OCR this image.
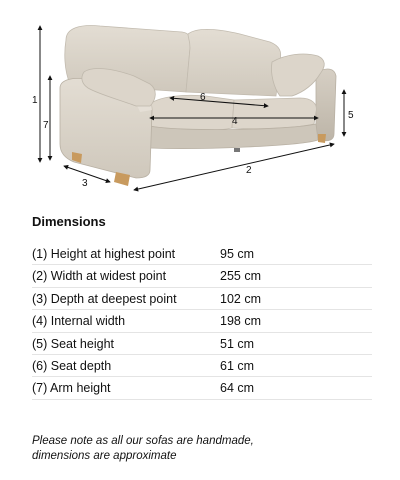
1
7
6
4
5
3
2
Dimensions
(1) Height at highest point	95 cm
(2) Width at widest point	255 cm
(3) Depth at deepest point	102 cm
(4) Internal width	198 cm
(5) Seat height	51 cm
(6) Seat depth	61 cm
(7) Arm height	64 cm
Please note as all our sofas are handmade,
dimensions are approximate
